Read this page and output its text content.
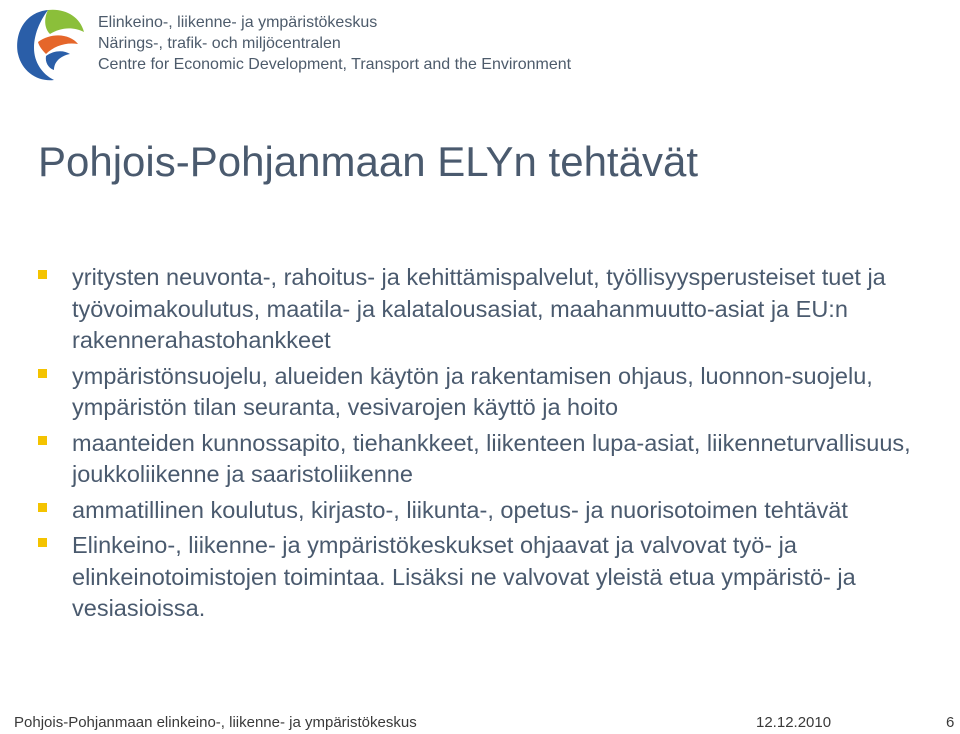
Elinkeino-, liikenne- ja ympäristökeskus
Närings-, trafik- och miljöcentralen
Centre for Economic Development, Transport and the Environment
Pohjois-Pohjanmaan ELYn tehtävät
yritysten neuvonta-, rahoitus- ja kehittämispalvelut, työllisyysperusteiset tuet ja työvoimakoulutus, maatila- ja kalatalousasiat, maahanmuutto-asiat ja EU:n rakennerahastohankkeet
ympäristönsuojelu, alueiden käytön ja rakentamisen ohjaus, luonnon-suojelu, ympäristön tilan seuranta, vesivarojen käyttö ja hoito
maanteiden kunnossapito, tiehankkeet, liikenteen lupa-asiat, liikenneturvallisuus, joukkoliikenne ja saaristoliikenne
ammatillinen koulutus, kirjasto-, liikunta-, opetus- ja nuorisotoimen tehtävät
Elinkeino-, liikenne- ja ympäristökeskukset ohjaavat ja valvovat työ- ja elinkeinotoimistojen toimintaa. Lisäksi ne valvovat yleistä etua ympäristö- ja vesiasioissa.
Pohjois-Pohjanmaan elinkeino-, liikenne- ja ympäristökeskus	12.12.2010	6
